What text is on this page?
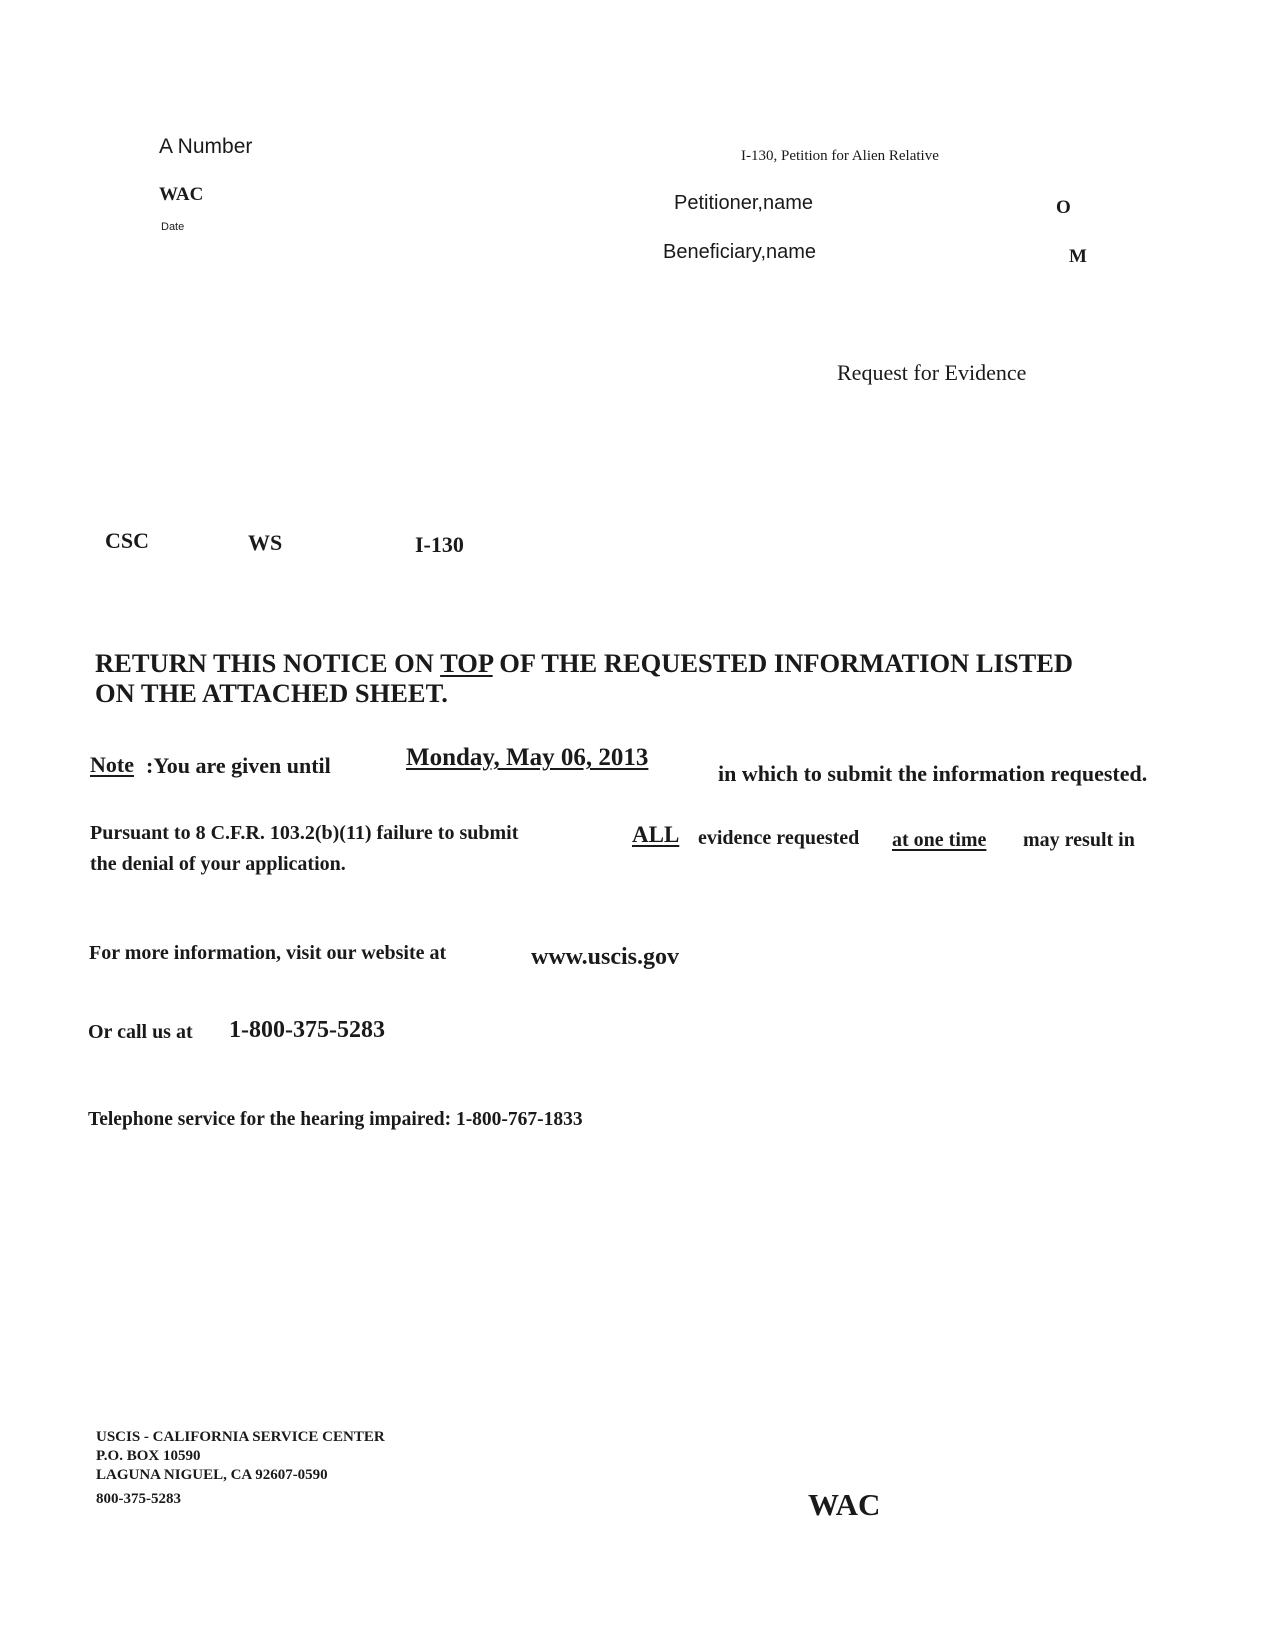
A Number
WAC
Date
I-130, Petition for Alien Relative
Petitioner,name
Beneficiary,name
O
M
Request for Evidence
CSC	WS	I-130
RETURN THIS NOTICE ON TOP OF THE REQUESTED INFORMATION LISTED ON THE ATTACHED SHEET.
Note :You are given until	Monday, May 06, 2013
in which to submit the information requested.
Pursuant to 8 C.F.R. 103.2(b)(11) failure to submit	ALL evidence requested at one time may result in
the denial of your application.
For more information, visit our website at	www.uscis.gov
Or call us at 1-800-375-5283
Telephone service for the hearing impaired: 1-800-767-1833
USCIS - CALIFORNIA SERVICE CENTER
P.O. BOX 10590
LAGUNA NIGUEL, CA 92607-0590
800-375-5283	WAC
